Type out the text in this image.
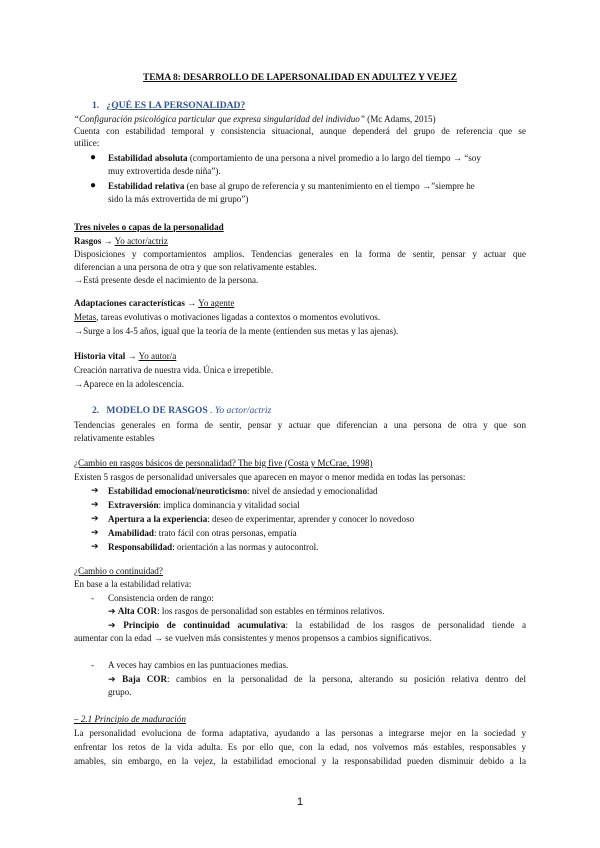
TEMA 8: DESARROLLO DE LAPERSONALIDAD EN ADULTEZ Y VEJEZ
1. ¿QUÉ ES LA PERSONALIDAD?
“Configuración psicológica particular que expresa singularidad del individuo” (Mc Adams, 2015)
Cuenta con estabilidad temporal y consistencia situacional, aunque dependerá del grupo de referencia que se
utilice:
● Estabilidad absoluta (comportamiento de una persona a nivel promedio a lo largo del tiempo → “soy
muy extrovertida desde niña”).
● Estabilidad relativa (en base al grupo de referencia y su mantenimiento en el tiempo →”siempre he
sido la más extrovertida de mi grupo”)
Tres niveles o capas de la personalidad
Rasgos → Yo actor/actriz
Disposiciones y comportamientos amplios. Tendencias generales en la forma de sentir, pensar y actuar que
diferencian a una persona de otra y que son relativamente estables.
→Está presente desde el nacimiento de la persona.
Adaptaciones características → Yo agente
Metas, tareas evolutivas o motivaciones ligadas a contextos o momentos evolutivos.
→Surge a los 4-5 años, igual que la teoría de la mente (entienden sus metas y las ajenas).
Historia vital → Yo autor/a
Creación narrativa de nuestra vida. Única e irrepetible.
→Aparece en la adolescencia.
2. MODELO DE RASGOS . Yo actor/actriz
Tendencias generales en forma de sentir, pensar y actuar que diferencian a una persona de otra y que son
relativamente estables
¿Cambio en rasgos básicos de personalidad? The big five (Costa y McCrae, 1998)
Existen 5 rasgos de personalidad universales que aparecen en mayor o menor medida en todas las personas:
➔ Estabilidad emocional/neuroticismo: nivel de ansiedad y emocionalidad
➔ Extraversión: implica dominancia y vitalidad social
➔ Apertura a la experiencia: deseo de experimentar, aprender y conocer lo novedoso
➔ Amabilidad: trato fácil con otras personas, empatía
➔ Responsabilidad: orientación a las normas y autocontrol.
¿Cambio o continuidad?
En base a la estabilidad relativa:
-	Consistencia orden de rango:
➔ Alta COR: los rasgos de personalidad son estables en términos relativos.
➔ Principio de continuidad acumulativa: la estabilidad de los rasgos de personalidad tiende a
aumentar con la edad → se vuelven más consistentes y menos propensos a cambios significativos.
-	A veces hay cambios en las puntuaciones medias.
➔ Baja COR: cambios en la personalidad de la persona, alterando su posición relativa dentro del
grupo.
– 2.1 Principio de maduración
La personalidad evoluciona de forma adaptativa, ayudando a las personas a integrarse mejor en la sociedad y
enfrentar los retos de la vida adulta. Es por ello que, con la edad, nos volvemos más estables, responsables y
amables, sin embargo, en la vejez, la estabilidad emocional y la responsabilidad pueden disminuir debido a la
1
